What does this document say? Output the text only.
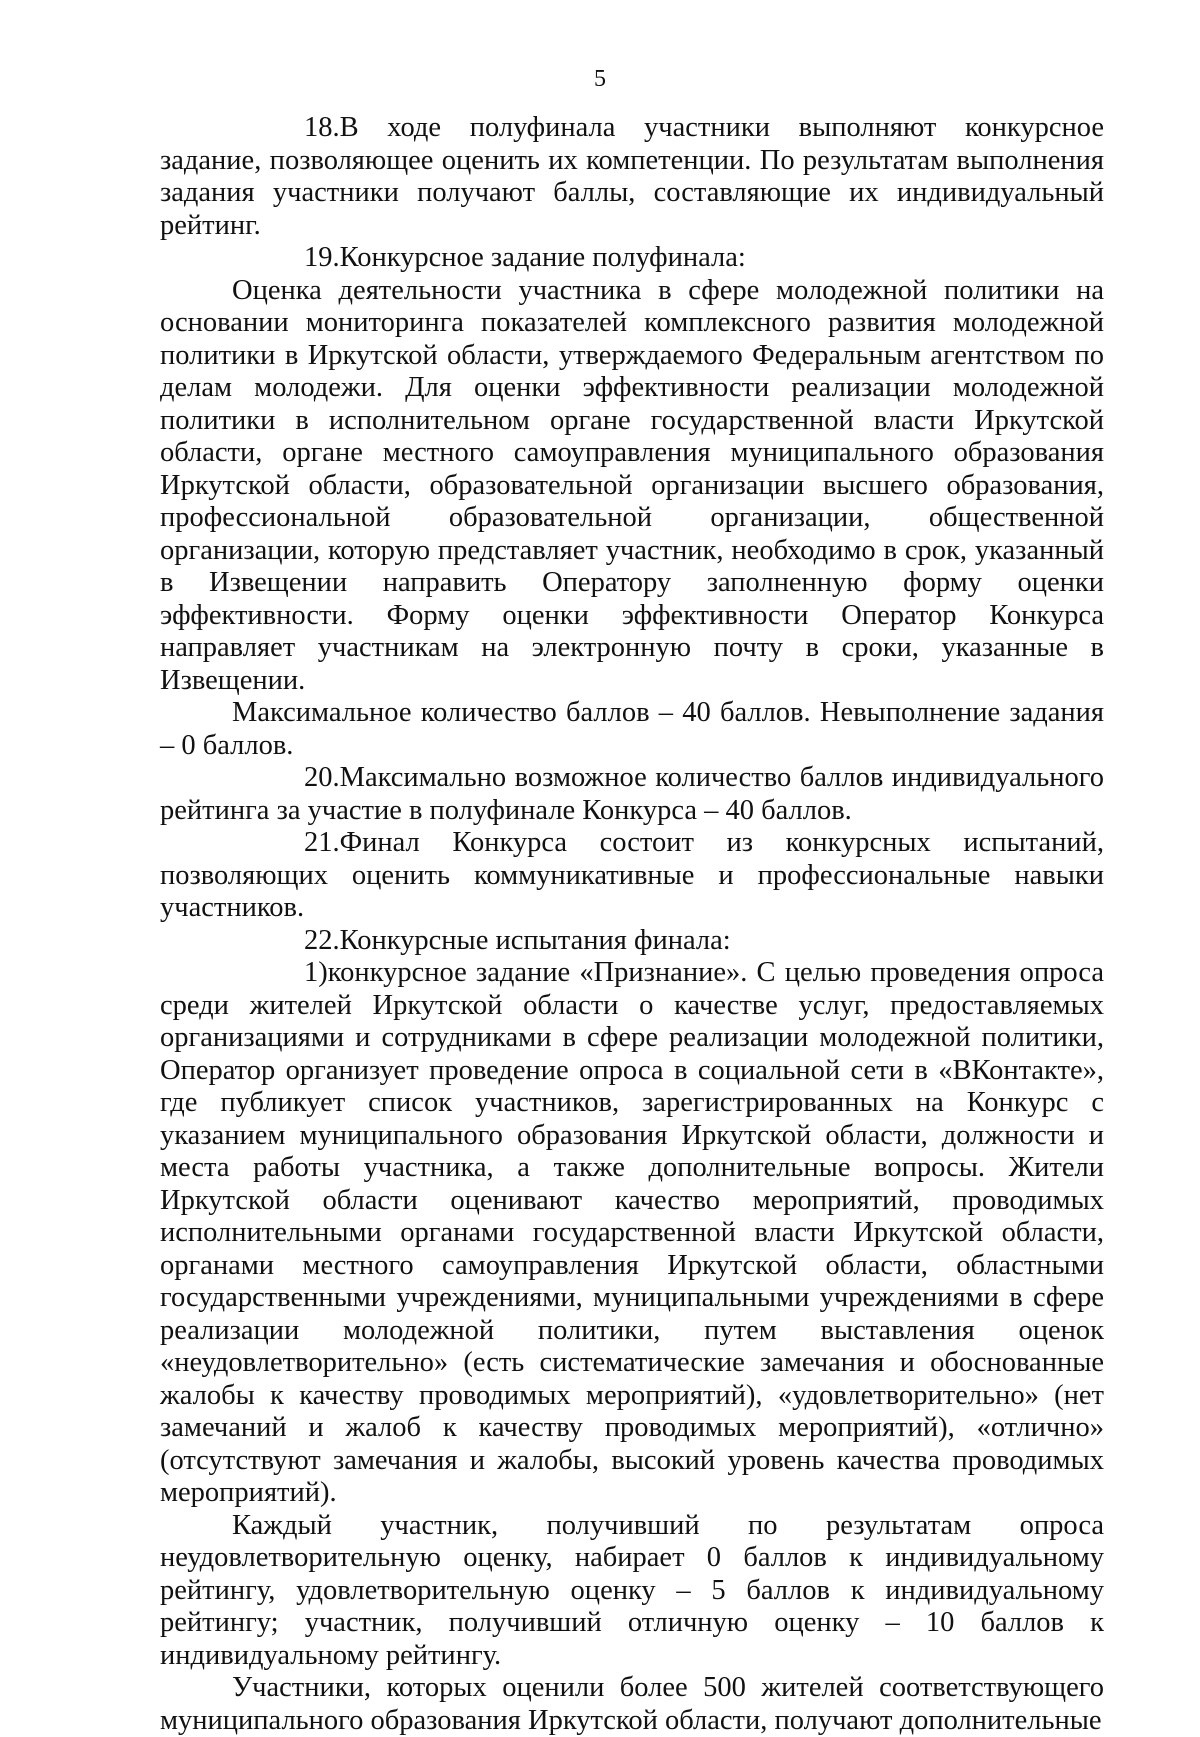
5

18.В ходе полуфинала участники выполняют конкурсное задание, позволяющее оценить их компетенции. По результатам выполнения задания участники получают баллы, составляющие их индивидуальный рейтинг.

19.Конкурсное задание полуфинала:

Оценка деятельности участника в сфере молодежной политики на основании мониторинга показателей комплексного развития молодежной политики в Иркутской области, утверждаемого Федеральным агентством по делам молодежи. Для оценки эффективности реализации молодежной политики в исполнительном органе государственной власти Иркутской области, органе местного самоуправления муниципального образования Иркутской области, образовательной организации высшего образования, профессиональной образовательной организации, общественной организации, которую представляет участник, необходимо в срок, указанный в Извещении направить Оператору заполненную форму оценки эффективности. Форму оценки эффективности Оператор Конкурса направляет участникам на электронную почту в сроки, указанные в Извещении.

Максимальное количество баллов – 40 баллов. Невыполнение задания – 0 баллов.

20.Максимально возможное количество баллов индивидуального рейтинга за участие в полуфинале Конкурса – 40 баллов.

21.Финал Конкурса состоит из конкурсных испытаний, позволяющих оценить коммуникативные и профессиональные навыки участников.

22.Конкурсные испытания финала:

1)конкурсное задание «Признание». С целью проведения опроса среди жителей Иркутской области о качестве услуг, предоставляемых организациями и сотрудниками в сфере реализации молодежной политики, Оператор организует проведение опроса в социальной сети в «ВКонтакте», где публикует список участников, зарегистрированных на Конкурс с указанием муниципального образования Иркутской области, должности и места работы участника, а также дополнительные вопросы. Жители Иркутской области оценивают качество мероприятий, проводимых исполнительными органами государственной власти Иркутской области, органами местного самоуправления Иркутской области, областными государственными учреждениями, муниципальными учреждениями в сфере реализации молодежной политики, путем выставления оценок «неудовлетворительно» (есть систематические замечания и обоснованные жалобы к качеству проводимых мероприятий), «удовлетворительно» (нет замечаний и жалоб к качеству проводимых мероприятий), «отлично» (отсутствуют замечания и жалобы, высокий уровень качества проводимых мероприятий).

Каждый участник, получивший по результатам опроса неудовлетворительную оценку, набирает 0 баллов к индивидуальному рейтингу, удовлетворительную оценку – 5 баллов к индивидуальному рейтингу; участник, получивший отличную оценку – 10 баллов к индивидуальному рейтингу.

Участники, которых оценили более 500 жителей соответствующего муниципального образования Иркутской области, получают дополнительные
